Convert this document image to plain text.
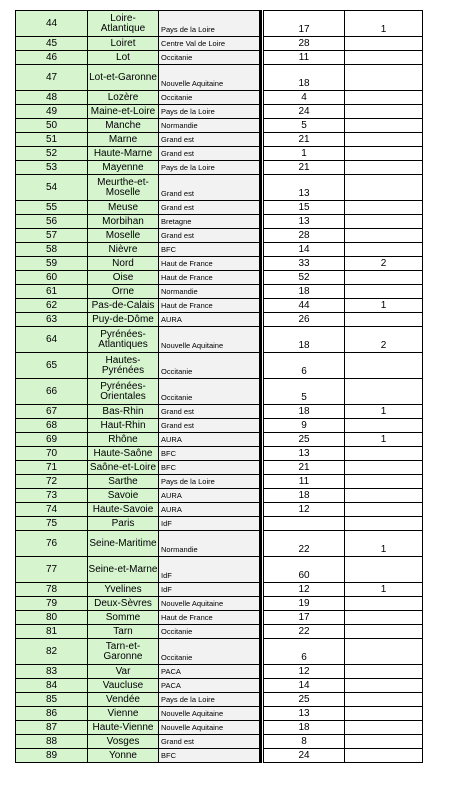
44	Loire-Atlantique	Pays de la Loire		17	1
45	Loiret	Centre Val de Loire		28	
46	Lot	Occitanie		11	
47	Lot-et-Garonne	Nouvelle Aquitaine		18	
48	Lozère	Occitanie		4	
49	Maine-et-Loire	Pays de la Loire		24	
50	Manche	Normandie		5	
51	Marne	Grand est		21	
52	Haute-Marne	Grand est		1	
53	Mayenne	Pays de la Loire		21	
54	Meurthe-et-Moselle	Grand est		13	
55	Meuse	Grand est		15	
56	Morbihan	Bretagne		13	
57	Moselle	Grand est		28	
58	Nièvre	BFC		14	
59	Nord	Haut de France		33	2
60	Oise	Haut de France		52	
61	Orne	Normandie		18	
62	Pas-de-Calais	Haut de France		44	1
63	Puy-de-Dôme	AURA		26	
64	Pyrénées-Atlantiques	Nouvelle Aquitaine		18	2
65	Hautes-Pyrénées	Occitanie		6	
66	Pyrénées-Orientales	Occitanie		5	
67	Bas-Rhin	Grand est		18	1
68	Haut-Rhin	Grand est		9	
69	Rhône	AURA		25	1
70	Haute-Saône	BFC		13	
71	Saône-et-Loire	BFC		21	
72	Sarthe	Pays de la Loire		11	
73	Savoie	AURA		18	
74	Haute-Savoie	AURA		12	
75	Paris	IdF			
76	Seine-Maritime	Normandie		22	1
77	Seine-et-Marne	IdF		60	
78	Yvelines	IdF		12	1
79	Deux-Sèvres	Nouvelle Aquitaine		19	
80	Somme	Haut de France		17	
81	Tarn	Occitanie		22	
82	Tarn-et-Garonne	Occitanie		6	
83	Var	PACA		12	
84	Vaucluse	PACA		14	
85	Vendée	Pays de la Loire		25	
86	Vienne	Nouvelle Aquitaine		13	
87	Haute-Vienne	Nouvelle Aquitaine		18	
88	Vosges	Grand est		8	
89	Yonne	BFC		24	
